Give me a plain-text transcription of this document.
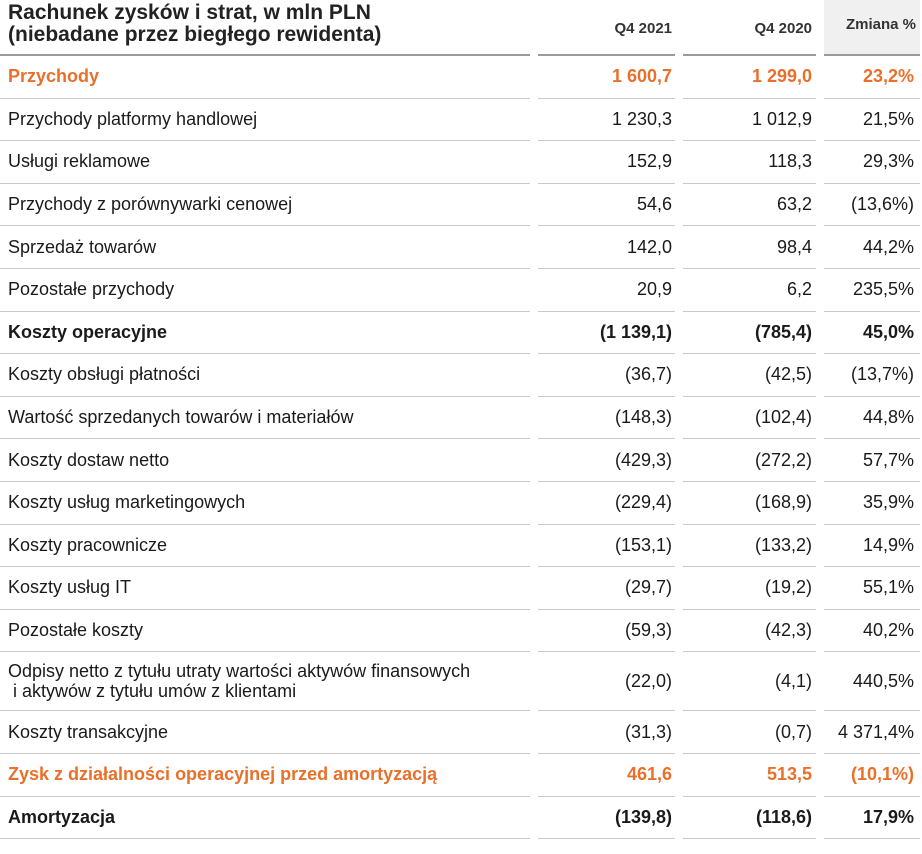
Rachunek zysków i strat, w mln PLN
(niebadane przez biegłego rewidenta)	Q4 2021	Q4 2020	Zmiana %
Przychody	1 600,7	1 299,0	23,2%
Przychody platformy handlowej	1 230,3	1 012,9	21,5%
Usługi reklamowe	152,9	118,3	29,3%
Przychody z porównywarki cenowej	54,6	63,2	(13,6%)
Sprzedaż towarów	142,0	98,4	44,2%
Pozostałe przychody	20,9	6,2	235,5%
Koszty operacyjne	(1 139,1)	(785,4)	45,0%
Koszty obsługi płatności	(36,7)	(42,5)	(13,7%)
Wartość sprzedanych towarów i materiałów	(148,3)	(102,4)	44,8%
Koszty dostaw netto	(429,3)	(272,2)	57,7%
Koszty usług marketingowych	(229,4)	(168,9)	35,9%
Koszty pracownicze	(153,1)	(133,2)	14,9%
Koszty usług IT	(29,7)	(19,2)	55,1%
Pozostałe koszty	(59,3)	(42,3)	40,2%
Odpisy netto z tytułu utraty wartości aktywów finansowych
i aktywów z tytułu umów z klientami
(22,0)	(4,1)	440,5%
Koszty transakcyjne	(31,3)	(0,7)	4 371,4%
Zysk z działalności operacyjnej przed amortyzacją	461,6	513,5	(10,1%)
Amortyzacja	(139,8)	(118,6)	17,9%
